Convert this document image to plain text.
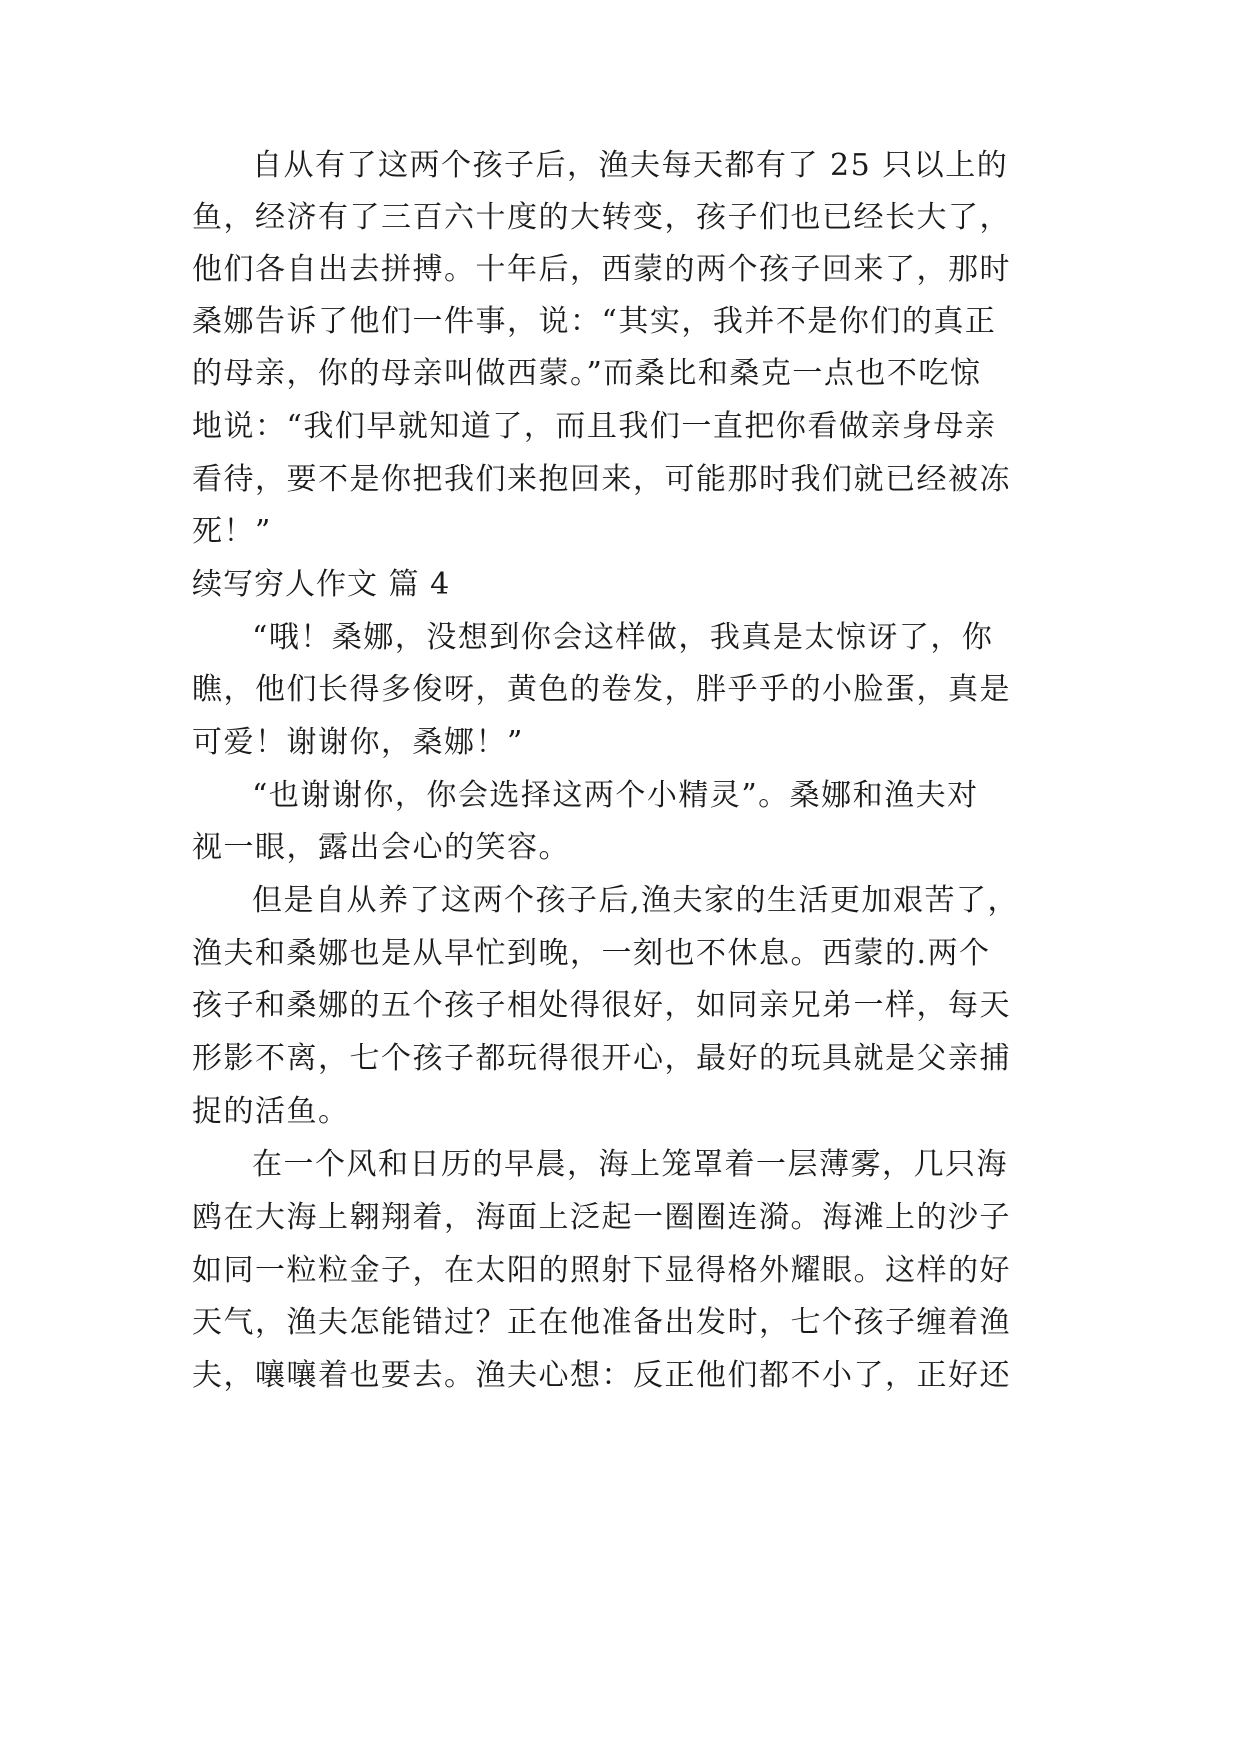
自从有了这两个孩子后，渔夫每天都有了 25 只以上的
鱼，经济有了三百六十度的大转变，孩子们也已经长大了，
他们各自出去拼搏。十年后，西蒙的两个孩子回来了，那时
桑娜告诉了他们一件事，说：“其实，我并不是你们的真正
的母亲，你的母亲叫做西蒙。”而桑比和桑克一点也不吃惊
地说：“我们早就知道了，而且我们一直把你看做亲身母亲
看待，要不是你把我们来抱回来，可能那时我们就已经被冻
死！”
续写穷人作文 篇 4
“哦！桑娜，没想到你会这样做，我真是太惊讶了，你
瞧，他们长得多俊呀，黄色的卷发，胖乎乎的小脸蛋，真是
可爱！谢谢你，桑娜！”
“也谢谢你，你会选择这两个小精灵”。桑娜和渔夫对
视一眼，露出会心的笑容。
但是自从养了这两个孩子后,渔夫家的生活更加艰苦了，
渔夫和桑娜也是从早忙到晚，一刻也不休息。西蒙的.两个
孩子和桑娜的五个孩子相处得很好，如同亲兄弟一样，每天
形影不离，七个孩子都玩得很开心，最好的玩具就是父亲捕
捉的活鱼。
在一个风和日历的早晨，海上笼罩着一层薄雾，几只海
鸥在大海上翱翔着，海面上泛起一圈圈连漪。海滩上的沙子
如同一粒粒金子，在太阳的照射下显得格外耀眼。这样的好
天气，渔夫怎能错过？正在他准备出发时，七个孩子缠着渔
夫，嚷嚷着也要去。渔夫心想：反正他们都不小了，正好还
